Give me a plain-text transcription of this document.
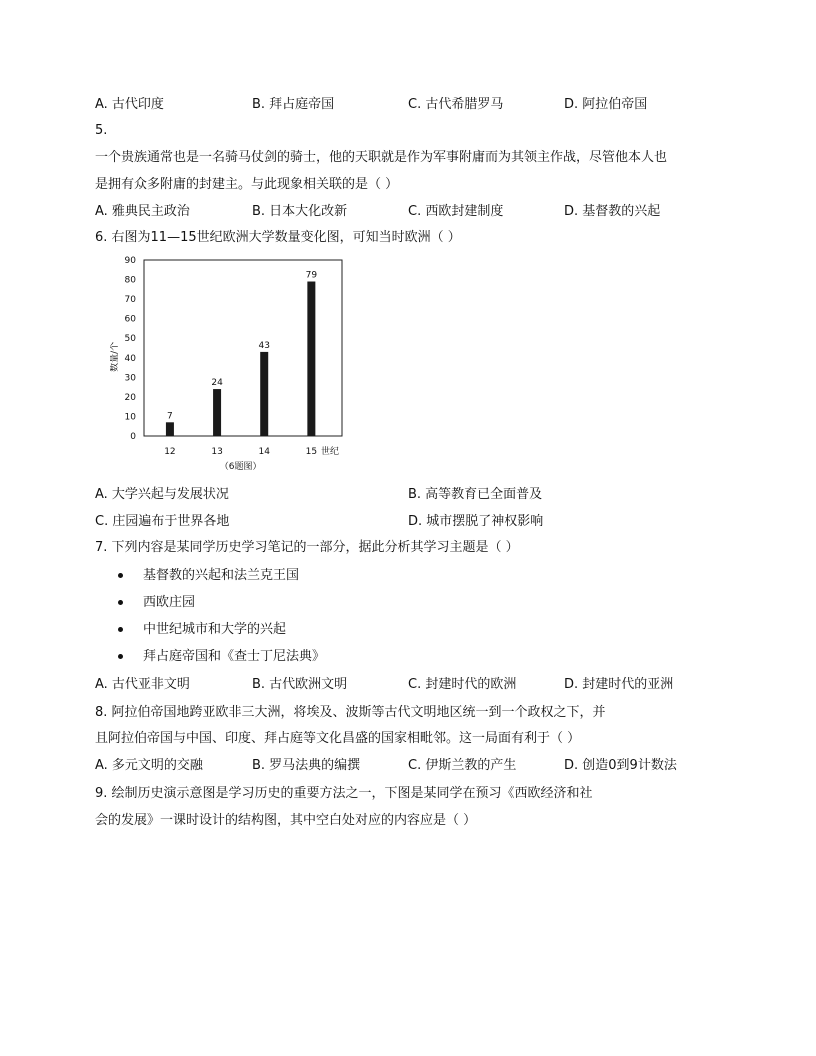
A. 古代印度	B. 拜占庭帝国	C. 古代希腊罗马	D. 阿拉伯帝国
5.
一个贵族通常也是一名骑马仗剑的骑士，他的天职就是作为军事附庸而为其领主作战，尽管他本人也
是拥有众多附庸的封建主。与此现象相关联的是（ ）
A. 雅典民主政治	B. 日本大化改新	C. 西欧封建制度	D. 基督教的兴起
6. 右图为11—15世纪欧洲大学数量变化图，可知当时欧洲（ ）
0
10
20
30
40
50
60
70
80
90
7
24
43
79
12	13	14	15
数量/个
世纪
（6题图）
A. 大学兴起与发展状况	B. 高等教育已全面普及
C. 庄园遍布于世界各地	D. 城市摆脱了神权影响
7. 下列内容是某同学历史学习笔记的一部分，据此分析其学习主题是（ ）
基督教的兴起和法兰克王国
西欧庄园
中世纪城市和大学的兴起
拜占庭帝国和《查士丁尼法典》
A. 古代亚非文明	B. 古代欧洲文明	C. 封建时代的欧洲	D. 封建时代的亚洲
8. 阿拉伯帝国地跨亚欧非三大洲，将埃及、波斯等古代文明地区统一到一个政权之下，并
且阿拉伯帝国与中国、印度、拜占庭等文化昌盛的国家相毗邻。这一局面有利于（ ）
A. 多元文明的交融	B. 罗马法典的编撰	C. 伊斯兰教的产生	D. 创造0到9计数法
9. 绘制历史演示意图是学习历史的重要方法之一，下图是某同学在预习《西欧经济和社
会的发展》一课时设计的结构图，其中空白处对应的内容应是（ ）
